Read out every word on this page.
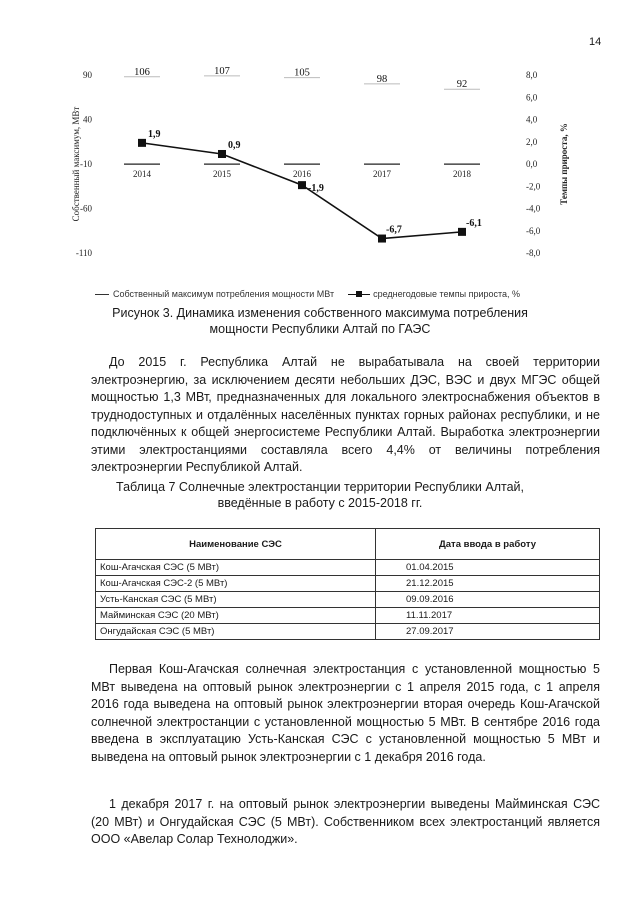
14
90
40
-10
-60
-110
8,0
6,0
4,0
2,0
0,0
-2,0
-4,0
-6,0
-8,0
Собственный максимум, МВт	Темпы прироста, %
106
2014
107
2015
105
2016
98
2017
92
2018
1,9
0,9
-1,9
-6,7
-6,1
Собственный максимум потребления мощности МВт	среднегодовые темпы прироста, %
Рисунок 3. Динамика изменения собственного максимума потребления
мощности Республики Алтай по ГАЭС

До 2015 г. Республика Алтай не вырабатывала на своей территории электроэнергию, за исключением десяти небольших ДЭС, ВЭС и двух МГЭС общей мощностью 1,3 МВт, предназначенных для локального электроснабжения объектов в труднодоступных и отдалённых населённых пунктах горных районах республики, и не подключённых к общей энергосистеме Республики Алтай. Выработка электроэнергии этими электростанциями составляла всего 4,4% от величины потребления электроэнергии Республикой Алтай.

Таблица 7 Солнечные электростанции территории Республики Алтай,
введённые в работу с 2015-2018 гг.
Наименование СЭС	Дата ввода в работу
Кош-Агачская СЭС (5 МВт)	01.04.2015
Кош-Агачская СЭС-2 (5 МВт)	21.12.2015
Усть-Канская СЭС (5 МВт)	09.09.2016
Майминская СЭС (20 МВт)	11.11.2017
Онгудайская СЭС (5 МВт)	27.09.2017

Первая Кош-Агачская солнечная электростанция с установленной мощностью 5 МВт выведена на оптовый рынок электроэнергии с 1 апреля 2015 года, с 1 апреля 2016 года выведена на оптовый рынок электроэнергии вторая очередь Кош-Агачской солнечной электростанции с установленной мощностью 5 МВт. В сентябре 2016 года введена в эксплуатацию Усть-Канская СЭС с установленной мощностью 5 МВт и выведена на оптовый рынок электроэнергии с 1 декабря 2016 года.

1 декабря 2017 г. на оптовый рынок электроэнергии выведены Майминская СЭС (20 МВт) и Онгудайская СЭС (5 МВт). Собственником всех электростанций является ООО «Авелар Солар Технолоджи».
